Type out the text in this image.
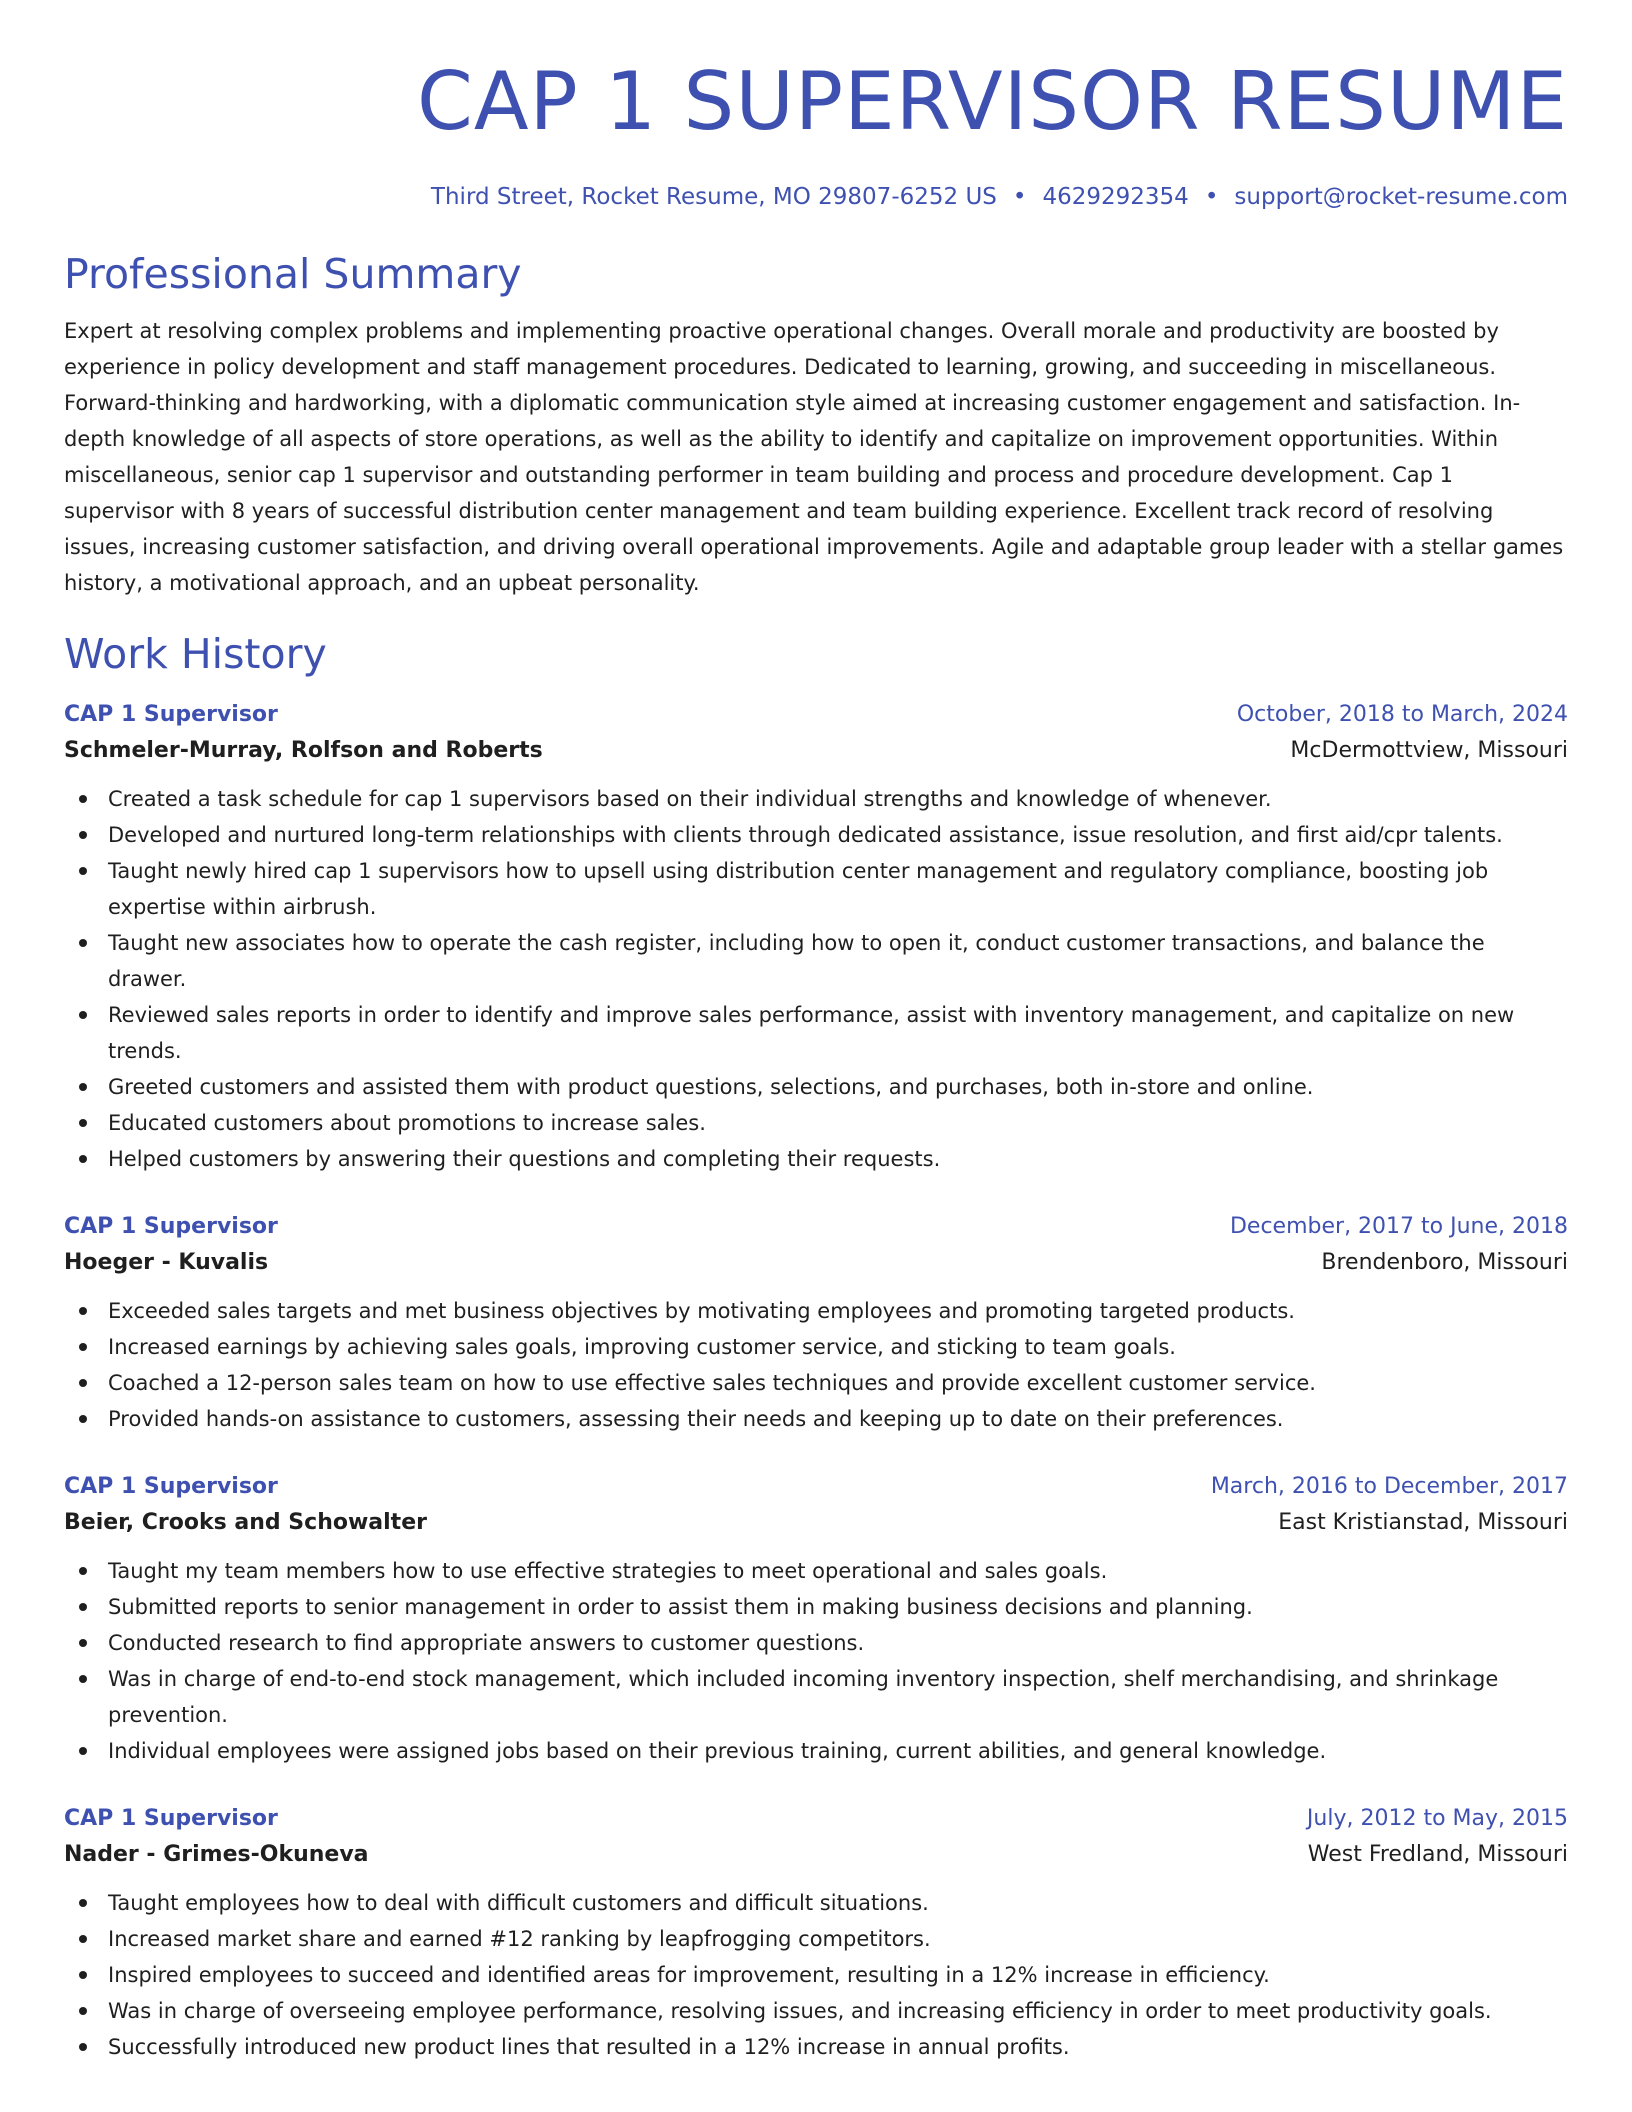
CAP 1 SUPERVISOR RESUME
Third Street, Rocket Resume, MO 29807-6252 US • 4629292354 • support@rocket-resume.com
Professional Summary
Expert at resolving complex problems and implementing proactive operational changes. Overall morale and productivity are boosted by experience in policy development and staff management procedures. Dedicated to learning, growing, and succeeding in miscellaneous. Forward-thinking and hardworking, with a diplomatic communication style aimed at increasing customer engagement and satisfaction. In-depth knowledge of all aspects of store operations, as well as the ability to identify and capitalize on improvement opportunities. Within miscellaneous, senior cap 1 supervisor and outstanding performer in team building and process and procedure development. Cap 1 supervisor with 8 years of successful distribution center management and team building experience. Excellent track record of resolving issues, increasing customer satisfaction, and driving overall operational improvements. Agile and adaptable group leader with a stellar games history, a motivational approach, and an upbeat personality.
Work History
CAP 1 Supervisor	October, 2018 to March, 2024
Schmeler-Murray, Rolfson and Roberts	McDermottview, Missouri
Created a task schedule for cap 1 supervisors based on their individual strengths and knowledge of whenever.
Developed and nurtured long-term relationships with clients through dedicated assistance, issue resolution, and first aid/cpr talents.
Taught newly hired cap 1 supervisors how to upsell using distribution center management and regulatory compliance, boosting job expertise within airbrush.
Taught new associates how to operate the cash register, including how to open it, conduct customer transactions, and balance the drawer.
Reviewed sales reports in order to identify and improve sales performance, assist with inventory management, and capitalize on new trends.
Greeted customers and assisted them with product questions, selections, and purchases, both in-store and online.
Educated customers about promotions to increase sales.
Helped customers by answering their questions and completing their requests.
CAP 1 Supervisor	December, 2017 to June, 2018
Hoeger - Kuvalis	Brendenboro, Missouri
Exceeded sales targets and met business objectives by motivating employees and promoting targeted products.
Increased earnings by achieving sales goals, improving customer service, and sticking to team goals.
Coached a 12-person sales team on how to use effective sales techniques and provide excellent customer service.
Provided hands-on assistance to customers, assessing their needs and keeping up to date on their preferences.
CAP 1 Supervisor	March, 2016 to December, 2017
Beier, Crooks and Schowalter	East Kristianstad, Missouri
Taught my team members how to use effective strategies to meet operational and sales goals.
Submitted reports to senior management in order to assist them in making business decisions and planning.
Conducted research to find appropriate answers to customer questions.
Was in charge of end-to-end stock management, which included incoming inventory inspection, shelf merchandising, and shrinkage prevention.
Individual employees were assigned jobs based on their previous training, current abilities, and general knowledge.
CAP 1 Supervisor	July, 2012 to May, 2015
Nader - Grimes-Okuneva	West Fredland, Missouri
Taught employees how to deal with difficult customers and difficult situations.
Increased market share and earned #12 ranking by leapfrogging competitors.
Inspired employees to succeed and identified areas for improvement, resulting in a 12% increase in efficiency.
Was in charge of overseeing employee performance, resolving issues, and increasing efficiency in order to meet productivity goals.
Successfully introduced new product lines that resulted in a 12% increase in annual profits.
